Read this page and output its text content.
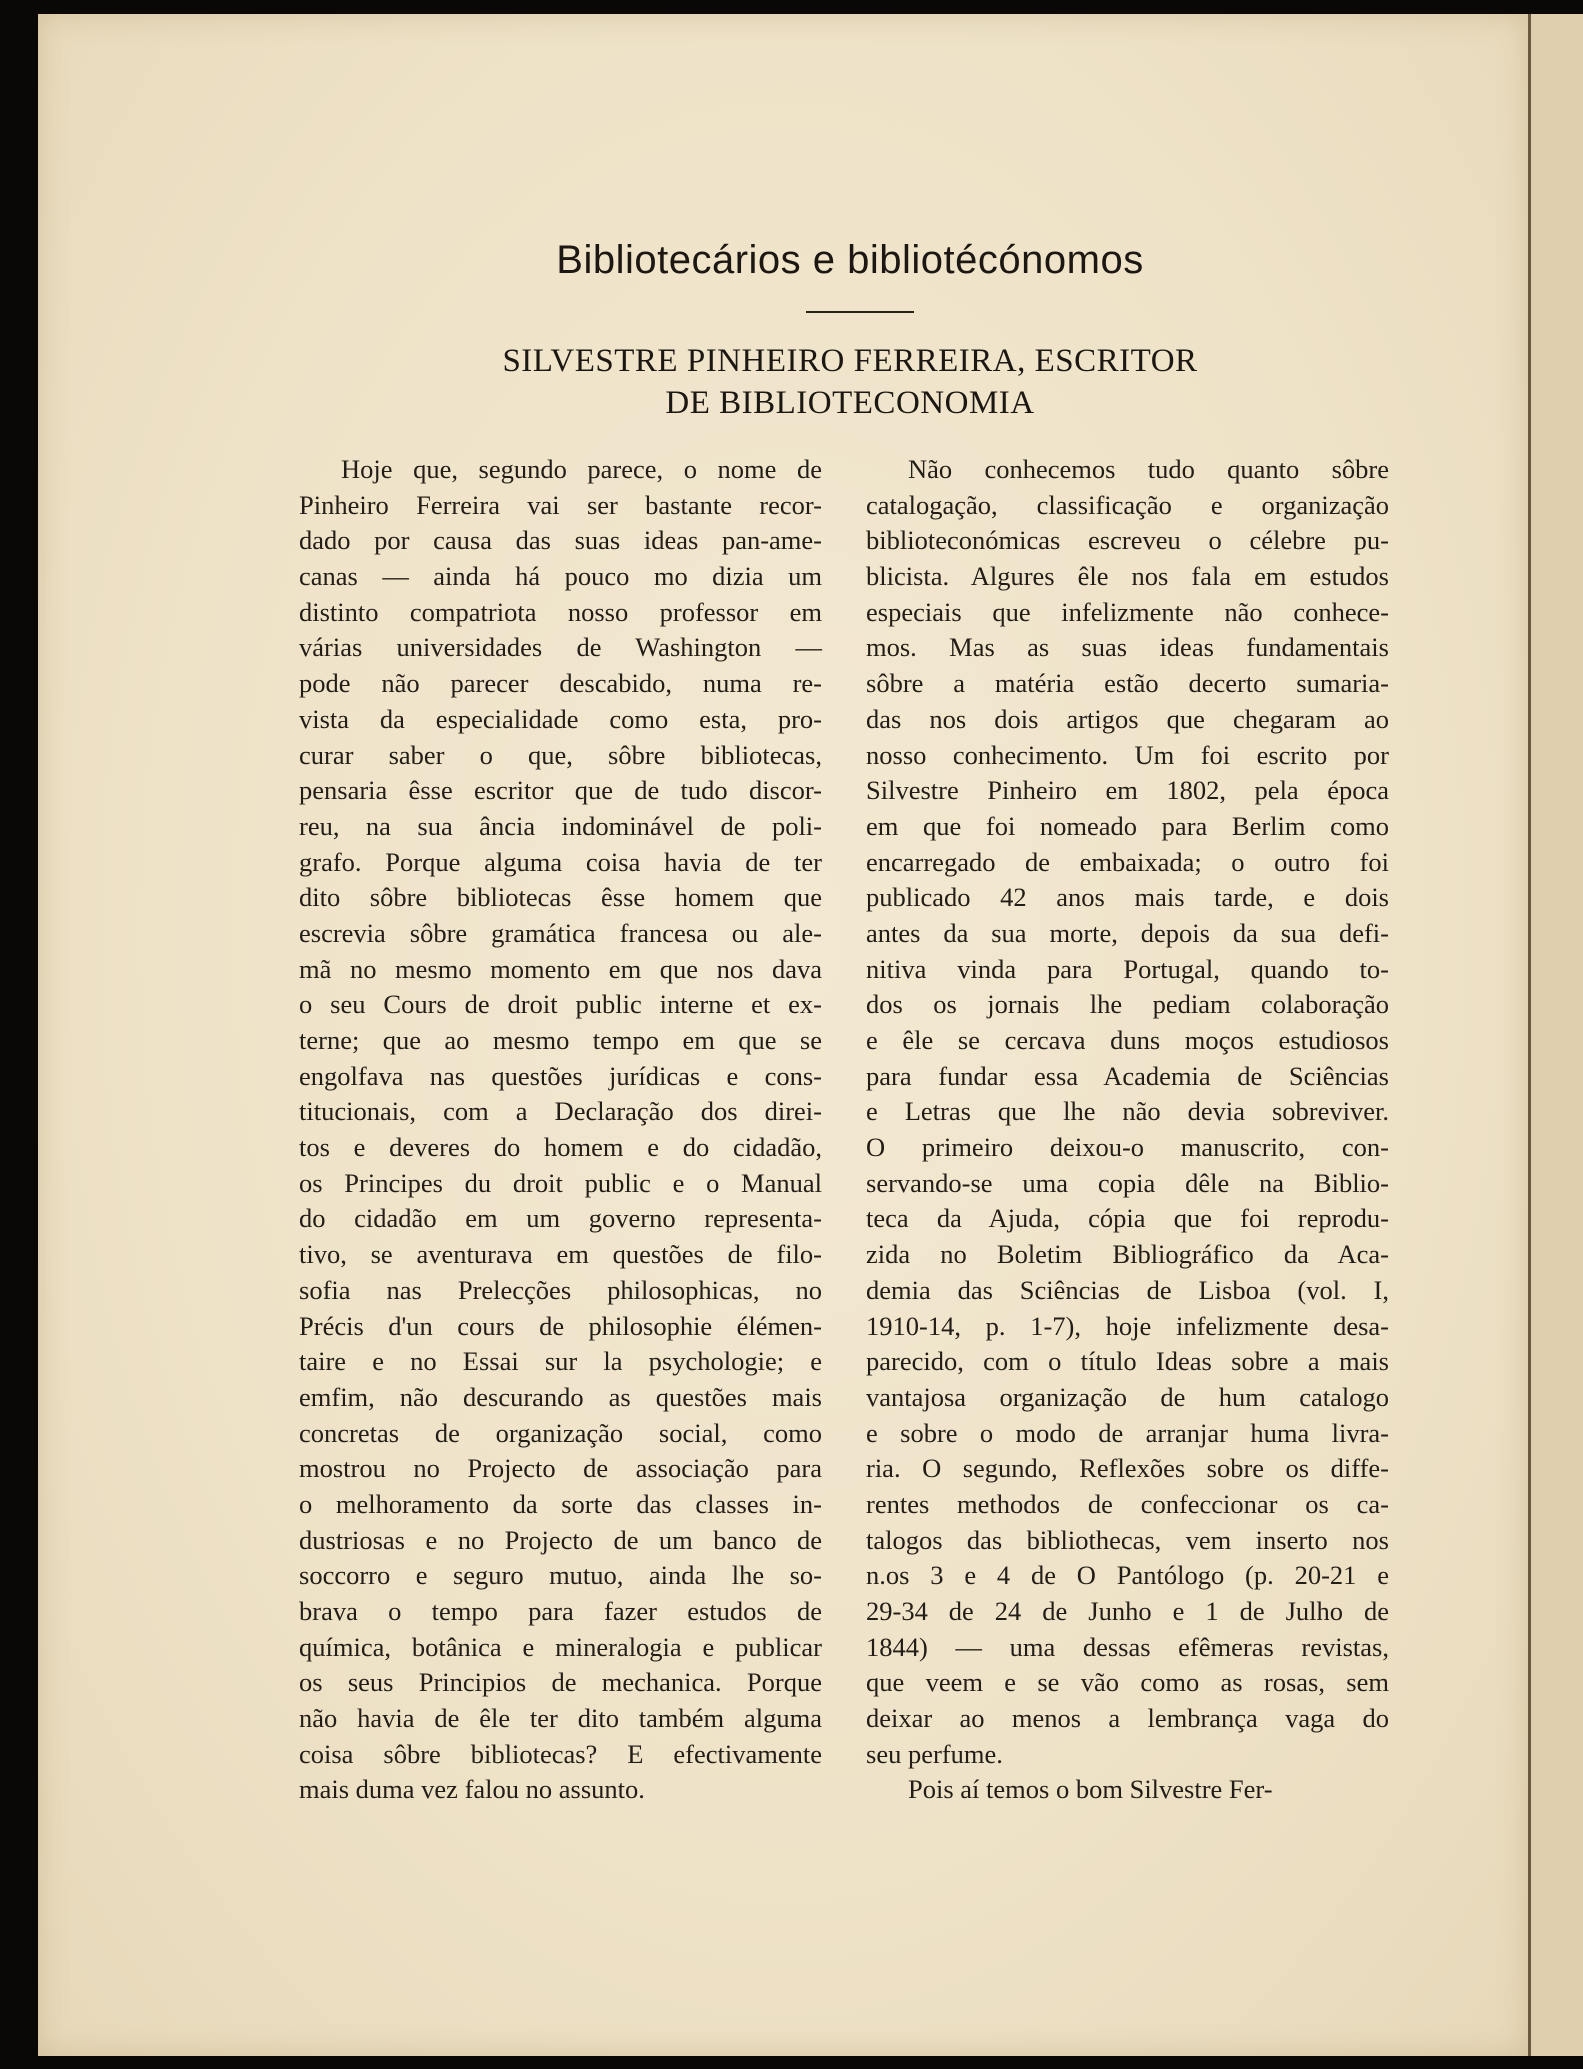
Bibliotecários e bibliotécónomos
SILVESTRE PINHEIRO FERREIRA, ESCRITOR
DE BIBLIOTECONOMIA
Hoje que, segundo parece, o nome de
Pinheiro Ferreira vai ser bastante recor-
dado por causa das suas ideas pan-ame-
canas — ainda há pouco mo dizia um
distinto compatriota nosso professor em
várias universidades de Washington —
pode não parecer descabido, numa re-
vista da especialidade como esta, pro-
curar saber o que, sôbre bibliotecas,
pensaria êsse escritor que de tudo discor-
reu, na sua ância indominável de poli-
grafo. Porque alguma coisa havia de ter
dito sôbre bibliotecas êsse homem que
escrevia sôbre gramática francesa ou ale-
mã no mesmo momento em que nos dava
o seu Cours de droit public interne et ex-
terne; que ao mesmo tempo em que se
engolfava nas questões jurídicas e cons-
titucionais, com a Declaração dos direi-
tos e deveres do homem e do cidadão,
os Principes du droit public e o Manual
do cidadão em um governo representa-
tivo, se aventurava em questões de filo-
sofia nas Prelecções philosophicas, no
Précis d'un cours de philosophie élémen-
taire e no Essai sur la psychologie; e
emfim, não descurando as questões mais
concretas de organização social, como
mostrou no Projecto de associação para
o melhoramento da sorte das classes in-
dustriosas e no Projecto de um banco de
soccorro e seguro mutuo, ainda lhe so-
brava o tempo para fazer estudos de
química, botânica e mineralogia e publicar
os seus Principios de mechanica. Porque
não havia de êle ter dito também alguma
coisa sôbre bibliotecas? E efectivamente
mais duma vez falou no assunto.
Não conhecemos tudo quanto sôbre
catalogação, classificação e organização
biblioteconómicas escreveu o célebre pu-
blicista. Algures êle nos fala em estudos
especiais que infelizmente não conhece-
mos. Mas as suas ideas fundamentais
sôbre a matéria estão decerto sumaria-
das nos dois artigos que chegaram ao
nosso conhecimento. Um foi escrito por
Silvestre Pinheiro em 1802, pela época
em que foi nomeado para Berlim como
encarregado de embaixada; o outro foi
publicado 42 anos mais tarde, e dois
antes da sua morte, depois da sua defi-
nitiva vinda para Portugal, quando to-
dos os jornais lhe pediam colaboração
e êle se cercava duns moços estudiosos
para fundar essa Academia de Sciências
e Letras que lhe não devia sobreviver.
O primeiro deixou-o manuscrito, con-
servando-se uma copia dêle na Biblio-
teca da Ajuda, cópia que foi reprodu-
zida no Boletim Bibliográfico da Aca-
demia das Sciências de Lisboa (vol. I,
1910-14, p. 1-7), hoje infelizmente desa-
parecido, com o título Ideas sobre a mais
vantajosa organização de hum catalogo
e sobre o modo de arranjar huma livra-
ria. O segundo, Reflexões sobre os diffe-
rentes methodos de confeccionar os ca-
talogos das bibliothecas, vem inserto nos
n.os 3 e 4 de O Pantólogo (p. 20-21 e
29-34 de 24 de Junho e 1 de Julho de
1844) — uma dessas efêmeras revistas,
que veem e se vão como as rosas, sem
deixar ao menos a lembrança vaga do
seu perfume.
Pois aí temos o bom Silvestre Fer-
